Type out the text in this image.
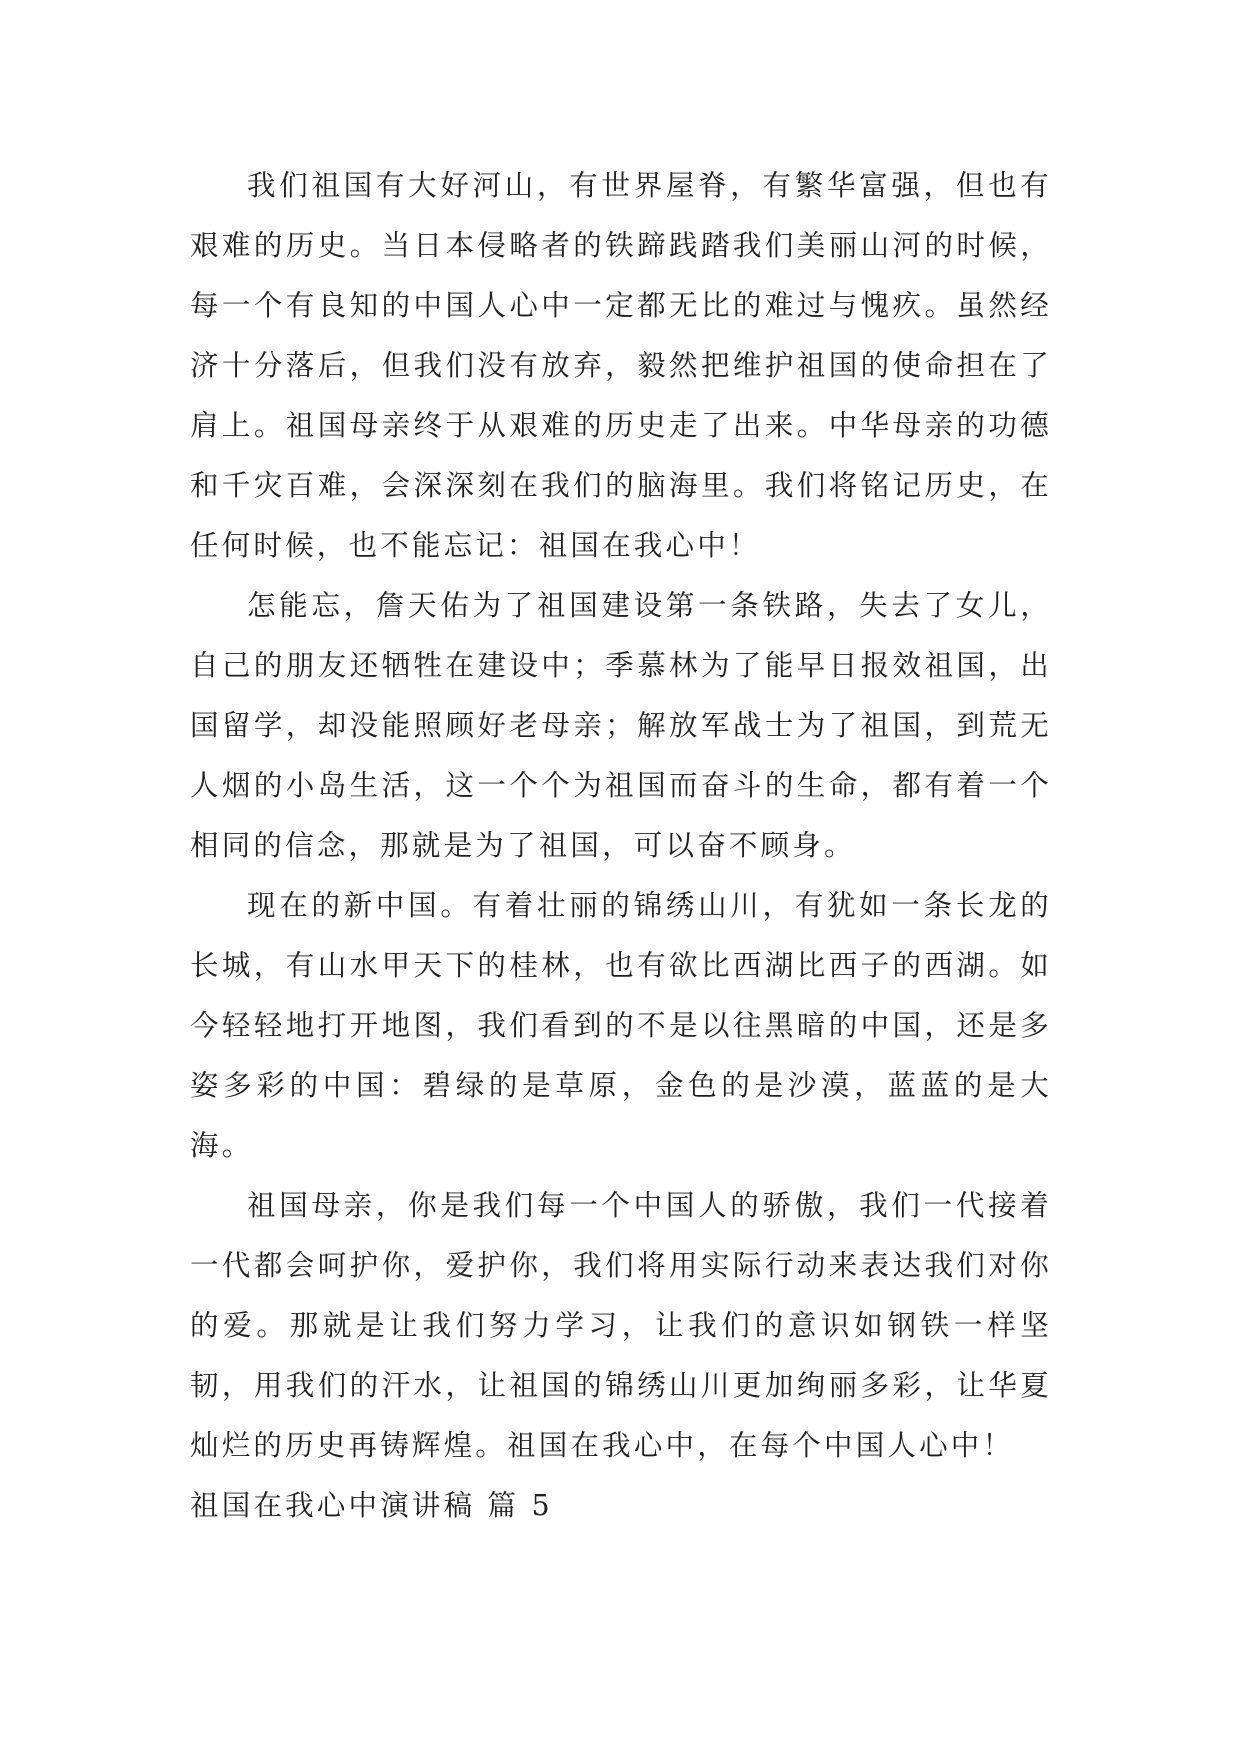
我们祖国有大好河山，有世界屋脊，有繁华富强，但也有艰难的历史。当日本侵略者的铁蹄践踏我们美丽山河的时候，每一个有良知的中国人心中一定都无比的难过与愧疚。虽然经济十分落后，但我们没有放弃，毅然把维护祖国的使命担在了肩上。祖国母亲终于从艰难的历史走了出来。中华母亲的功德和千灾百难，会深深刻在我们的脑海里。我们将铭记历史，在任何时候，也不能忘记：祖国在我心中！

怎能忘，詹天佑为了祖国建设第一条铁路，失去了女儿，自己的朋友还牺牲在建设中；季慕林为了能早日报效祖国，出国留学，却没能照顾好老母亲；解放军战士为了祖国，到荒无人烟的小岛生活，这一个个为祖国而奋斗的生命，都有着一个相同的信念，那就是为了祖国，可以奋不顾身。

现在的新中国。有着壮丽的锦绣山川，有犹如一条长龙的长城，有山水甲天下的桂林，也有欲比西湖比西子的西湖。如今轻轻地打开地图，我们看到的不是以往黑暗的中国，还是多姿多彩的中国：碧绿的是草原，金色的是沙漠，蓝蓝的是大海。

祖国母亲，你是我们每一个中国人的骄傲，我们一代接着一代都会呵护你，爱护你，我们将用实际行动来表达我们对你的爱。那就是让我们努力学习，让我们的意识如钢铁一样坚韧，用我们的汗水，让祖国的锦绣山川更加绚丽多彩，让华夏灿烂的历史再铸辉煌。祖国在我心中，在每个中国人心中！

祖国在我心中演讲稿 篇 5
